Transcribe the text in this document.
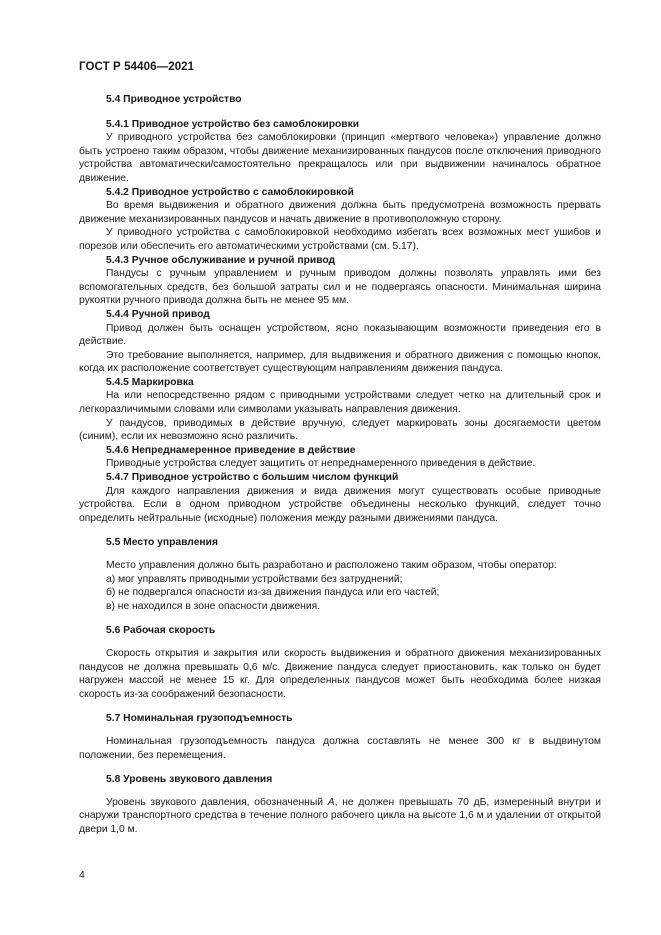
ГОСТ Р 54406—2021

5.4 Приводное устройство

5.4.1 Приводное устройство без самоблокировки

У приводного устройства без самоблокировки (принцип «мертвого человека») управление должно быть устроено таким образом, чтобы движение механизированных пандусов после отключения приводного устройства автоматически/самостоятельно прекращалось или при выдвижении начиналось обратное движение.

5.4.2 Приводное устройство с самоблокировкой

Во время выдвижения и обратного движения должна быть предусмотрена возможность прервать движение механизированных пандусов и начать движение в противоположную сторону.

У приводного устройства с самоблокировкой необходимо избегать всех возможных мест ушибов и порезов или обеспечить его автоматическими устройствами (см. 5.17).

5.4.3 Ручное обслуживание и ручной привод

Пандусы с ручным управлением и ручным приводом должны позволять управлять ими без вспомогательных средств, без большой затраты сил и не подвергаясь опасности. Минимальная ширина рукоятки ручного привода должна быть не менее 95 мм.

5.4.4 Ручной привод

Привод должен быть оснащен устройством, ясно показывающим возможности приведения его в действие.

Это требование выполняется, например, для выдвижения и обратного движения с помощью кнопок, когда их расположение соответствует существующим направлениям движения пандуса.

5.4.5 Маркировка

На или непосредственно рядом с приводными устройствами следует четко на длительный срок и легкоразличимыми словами или символами указывать направления движения.

У пандусов, приводимых в действие вручную, следует маркировать зоны досягаемости цветом (синим), если их невозможно ясно различить.

5.4.6 Непреднамеренное приведение в действие

Приводные устройства следует защитить от непреднамеренного приведения в действие.

5.4.7 Приводное устройство с большим числом функций

Для каждого направления движения и вида движения могут существовать особые приводные устройства. Если в одном приводном устройстве объединены несколько функций, следует точно определить нейтральные (исходные) положения между разными движениями пандуса.

5.5 Место управления

Место управления должно быть разработано и расположено таким образом, чтобы оператор:

а) мог управлять приводными устройствами без затруднений;

б) не подвергался опасности из-за движения пандуса или его частей;

в) не находился в зоне опасности движения.

5.6 Рабочая скорость

Скорость открытия и закрытия или скорость выдвижения и обратного движения механизированных пандусов не должна превышать 0,6 м/с. Движение пандуса следует приостановить, как только он будет нагружен массой не менее 15 кг. Для определенных пандусов может быть необходима более низкая скорость из-за соображений безопасности.

5.7 Номинальная грузоподъемность

Номинальная грузоподъемность пандуса должна составлять не менее 300 кг в выдвинутом положении, без перемещения.

5.8 Уровень звукового давления

Уровень звукового давления, обозначенный A, не должен превышать 70 дБ, измеренный внутри и снаружи транспортного средства в течение полного рабочего цикла на высоте 1,6 м и удалении от открытой двери 1,0 м.

4
